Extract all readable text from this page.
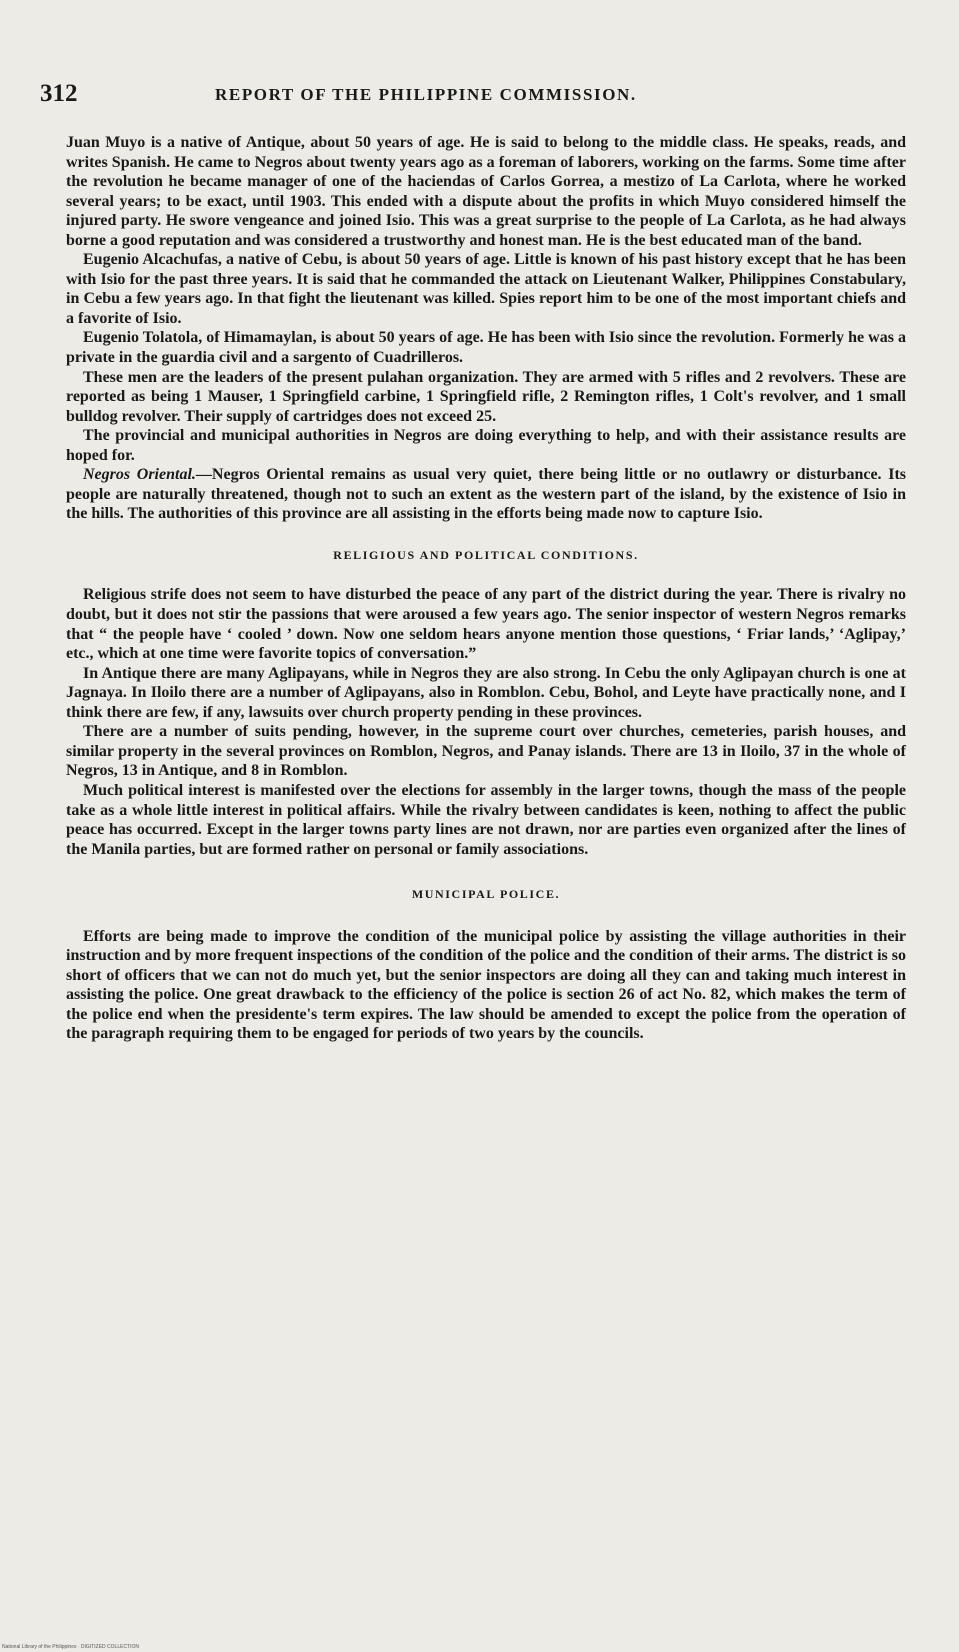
312	REPORT OF THE PHILIPPINE COMMISSION.

Juan Muyo is a native of Antique, about 50 years of age. He is said to belong to the middle class. He speaks, reads, and writes Spanish. He came to Negros about twenty years ago as a foreman of laborers, working on the farms. Some time after the revolution he became manager of one of the haciendas of Carlos Gorrea, a mestizo of La Carlota, where he worked several years; to be exact, until 1903. This ended with a dispute about the profits in which Muyo considered himself the injured party. He swore vengeance and joined Isio. This was a great surprise to the people of La Carlota, as he had always borne a good reputation and was considered a trustworthy and honest man. He is the best educated man of the band.

Eugenio Alcachufas, a native of Cebu, is about 50 years of age. Little is known of his past history except that he has been with Isio for the past three years. It is said that he commanded the attack on Lieutenant Walker, Philippines Constabulary, in Cebu a few years ago. In that fight the lieutenant was killed. Spies report him to be one of the most important chiefs and a favorite of Isio.

Eugenio Tolatola, of Himamaylan, is about 50 years of age. He has been with Isio since the revolution. Formerly he was a private in the guardia civil and a sargento of Cuadrilleros.

These men are the leaders of the present pulahan organization. They are armed with 5 rifles and 2 revolvers. These are reported as being 1 Mauser, 1 Springfield carbine, 1 Springfield rifle, 2 Remington rifles, 1 Colt's revolver, and 1 small bulldog revolver. Their supply of cartridges does not exceed 25.

The provincial and municipal authorities in Negros are doing everything to help, and with their assistance results are hoped for.

Negros Oriental.—Negros Oriental remains as usual very quiet, there being little or no outlawry or disturbance. Its people are naturally threatened, though not to such an extent as the western part of the island, by the existence of Isio in the hills. The authorities of this province are all assisting in the efforts being made now to capture Isio.

RELIGIOUS AND POLITICAL CONDITIONS.

Religious strife does not seem to have disturbed the peace of any part of the district during the year. There is rivalry no doubt, but it does not stir the passions that were aroused a few years ago. The senior inspector of western Negros remarks that “ the people have ‘ cooled ’ down. Now one seldom hears anyone mention those questions, ‘ Friar lands,’ ‘Aglipay,’ etc., which at one time were favorite topics of conversation.”

In Antique there are many Aglipayans, while in Negros they are also strong. In Cebu the only Aglipayan church is one at Jagnaya. In Iloilo there are a number of Aglipayans, also in Romblon. Cebu, Bohol, and Leyte have practically none, and I think there are few, if any, lawsuits over church property pending in these provinces.

There are a number of suits pending, however, in the supreme court over churches, cemeteries, parish houses, and similar property in the several provinces on Romblon, Negros, and Panay islands. There are 13 in Iloilo, 37 in the whole of Negros, 13 in Antique, and 8 in Romblon.

Much political interest is manifested over the elections for assembly in the larger towns, though the mass of the people take as a whole little interest in political affairs. While the rivalry between candidates is keen, nothing to affect the public peace has occurred. Except in the larger towns party lines are not drawn, nor are parties even organized after the lines of the Manila parties, but are formed rather on personal or family associations.

MUNICIPAL POLICE.

Efforts are being made to improve the condition of the municipal police by assisting the village authorities in their instruction and by more frequent inspections of the condition of the police and the condition of their arms. The district is so short of officers that we can not do much yet, but the senior inspectors are doing all they can and taking much interest in assisting the police. One great drawback to the efficiency of the police is section 26 of act No. 82, which makes the term of the police end when the presidente's term expires. The law should be amended to except the police from the operation of the paragraph requiring them to be engaged for periods of two years by the councils.

National Library of the Philippines · DIGITIZED COLLECTION
